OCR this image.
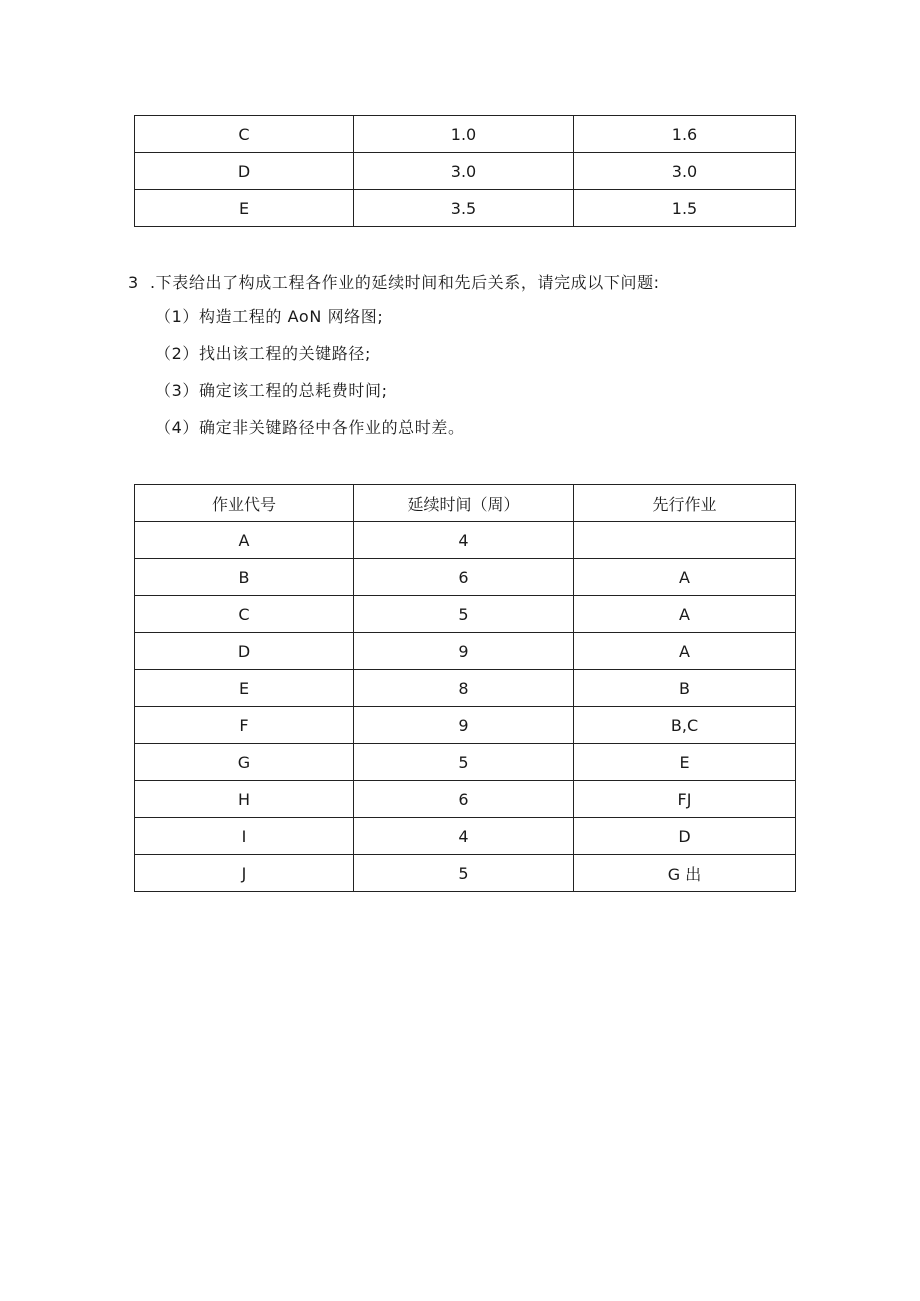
C	1.0	1.6
D	3.0	3.0
E	3.5	1.5
3 .下表给出了构成工程各作业的延续时间和先后关系，请完成以下问题:
（1）构造工程的 AoN 网络图;
（2）找出该工程的关键路径;
（3）确定该工程的总耗费时间;
（4）确定非关键路径中各作业的总时差。
作业代号	延续时间（周）	先行作业
A	4	
B	6	A
C	5	A
D	9	A
E	8	B
F	9	B,C
G	5	E
H	6	FJ
I	4	D
J	5	G 出
